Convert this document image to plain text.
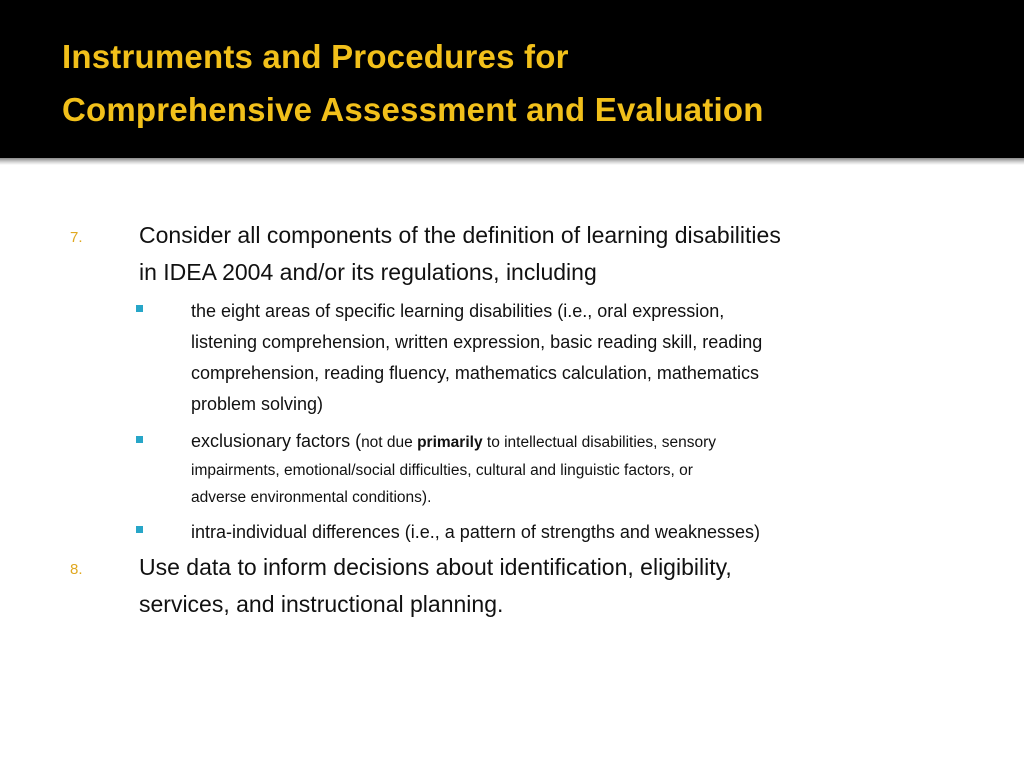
Instruments and Procedures for
Comprehensive Assessment and Evaluation
7. Consider all components of the definition of learning disabilities
in IDEA 2004 and/or its regulations, including
the eight areas of specific learning disabilities (i.e., oral expression,
listening comprehension, written expression, basic reading skill, reading
comprehension, reading fluency, mathematics calculation, mathematics
problem solving)
exclusionary factors (not due primarily to intellectual disabilities, sensory
impairments, emotional/social difficulties, cultural and linguistic factors, or
adverse environmental conditions).
intra-individual differences (i.e., a pattern of strengths and weaknesses)
8. Use data to inform decisions about identification, eligibility,
services, and instructional planning.
